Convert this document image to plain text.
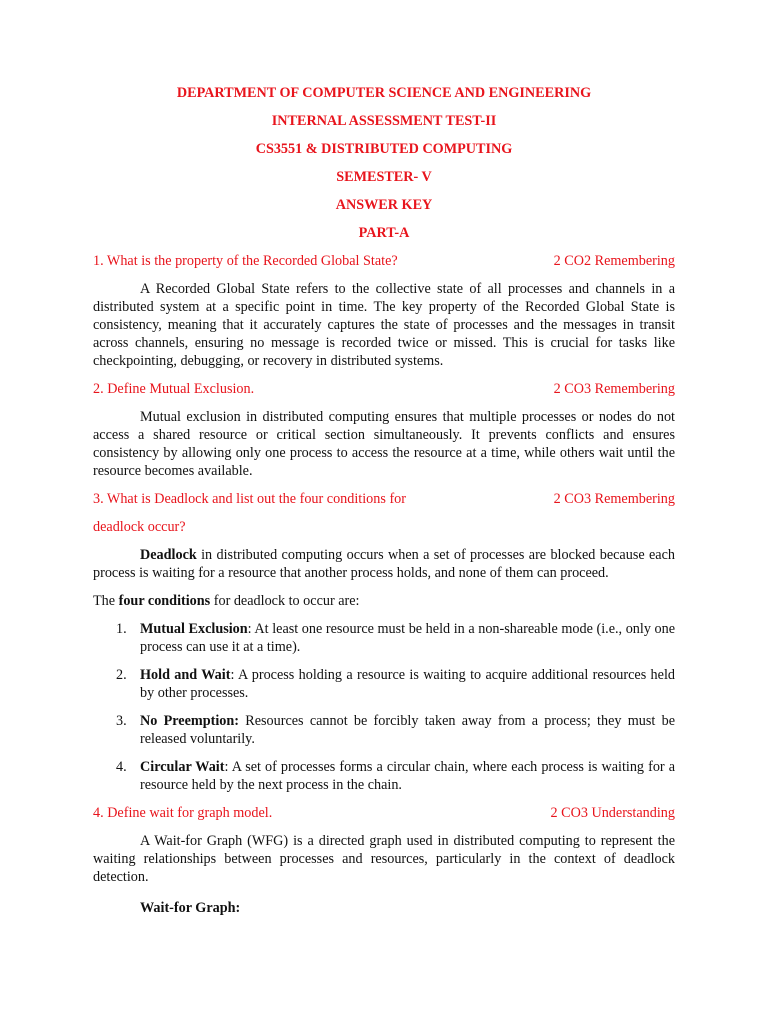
DEPARTMENT OF COMPUTER SCIENCE AND ENGINEERING
INTERNAL ASSESSMENT TEST-II
CS3551 & DISTRIBUTED COMPUTING
SEMESTER- V
ANSWER KEY
PART-A
1. What is the property of the Recorded Global State?	2 CO2 Remembering

A Recorded Global State refers to the collective state of all processes and channels in a distributed system at a specific point in time. The key property of the Recorded Global State is consistency, meaning that it accurately captures the state of processes and the messages in transit across channels, ensuring no message is recorded twice or missed. This is crucial for tasks like checkpointing, debugging, or recovery in distributed systems.

2. Define Mutual Exclusion.	2 CO3 Remembering

Mutual exclusion in distributed computing ensures that multiple processes or nodes do not access a shared resource or critical section simultaneously. It prevents conflicts and ensures consistency by allowing only one process to access the resource at a time, while others wait until the resource becomes available.

3. What is Deadlock and list out the four conditions for	2 CO3 Remembering
deadlock occur?

Deadlock in distributed computing occurs when a set of processes are blocked because each process is waiting for a resource that another process holds, and none of them can proceed.

The four conditions for deadlock to occur are:

1. Mutual Exclusion: At least one resource must be held in a non-shareable mode (i.e., only one process can use it at a time).
2. Hold and Wait: A process holding a resource is waiting to acquire additional resources held by other processes.
3. No Preemption: Resources cannot be forcibly taken away from a process; they must be released voluntarily.
4. Circular Wait: A set of processes forms a circular chain, where each process is waiting for a resource held by the next process in the chain.
4. Define wait for graph model.	2 CO3 Understanding

A Wait-for Graph (WFG) is a directed graph used in distributed computing to represent the waiting relationships between processes and resources, particularly in the context of deadlock detection.

Wait-for Graph:
